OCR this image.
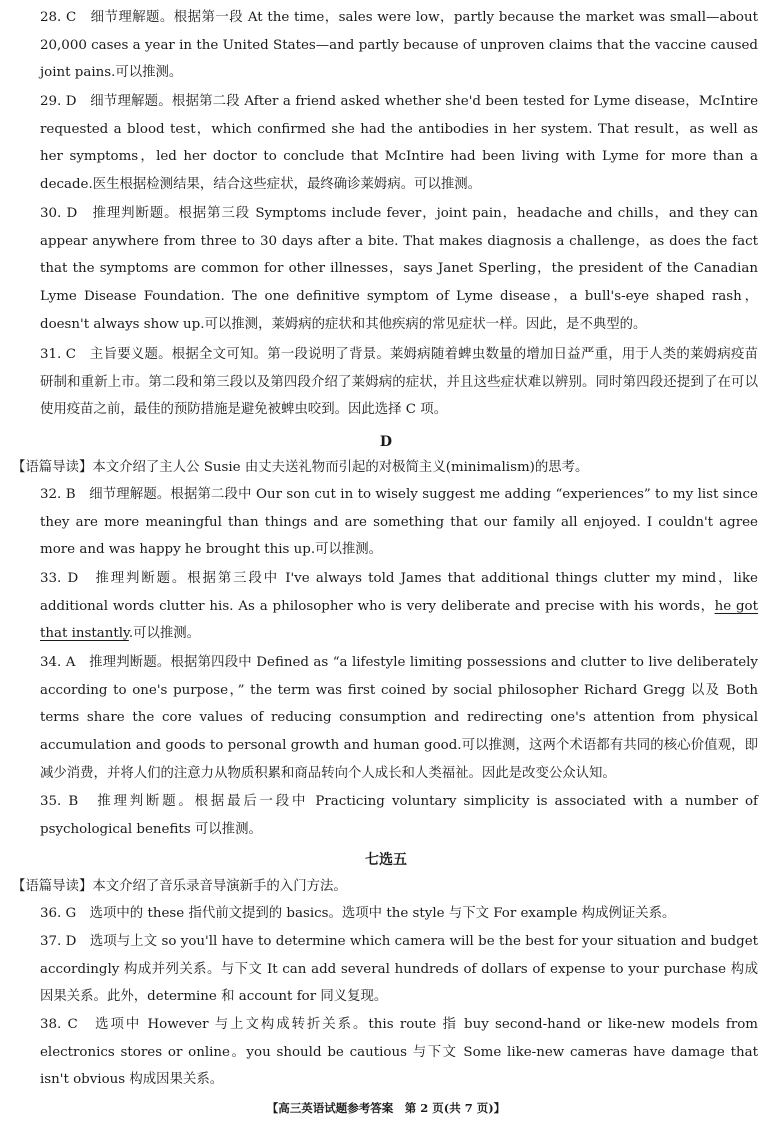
28. C　细节理解题。根据第一段 At the time，sales were low，partly because the market was small—about 20,000 cases a year in the United States—and partly because of unproven claims that the vaccine caused joint pains.可以推测。

29. D　细节理解题。根据第二段 After a friend asked whether she'd been tested for Lyme disease，McIntire requested a blood test，which confirmed she had the antibodies in her system. That result，as well as her symptoms，led her doctor to conclude that McIntire had been living with Lyme for more than a decade.医生根据检测结果，结合这些症状，最终确诊莱姆病。可以推测。

30. D　推理判断题。根据第三段 Symptoms include fever，joint pain，headache and chills，and they can appear anywhere from three to 30 days after a bite. That makes diagnosis a challenge，as does the fact that the symptoms are common for other illnesses，says Janet Sperling，the president of the Canadian Lyme Disease Foundation. The one definitive symptom of Lyme disease，a bull's-eye shaped rash，doesn't always show up.可以推测，莱姆病的症状和其他疾病的常见症状一样。因此，是不典型的。

31. C　主旨要义题。根据全文可知。第一段说明了背景。莱姆病随着蜱虫数量的增加日益严重，用于人类的莱姆病疫苗研制和重新上市。第二段和第三段以及第四段介绍了莱姆病的症状，并且这些症状难以辨别。同时第四段还提到了在可以使用疫苗之前，最佳的预防措施是避免被蜱虫咬到。因此选择 C 项。

D
【语篇导读】本文介绍了主人公 Susie 由丈夫送礼物而引起的对极简主义(minimalism)的思考。

32. B　细节理解题。根据第二段中 Our son cut in to wisely suggest me adding “experiences” to my list since they are more meaningful than things and are something that our family all enjoyed. I couldn't agree more and was happy he brought this up.可以推测。

33. D　推理判断题。根据第三段中 I've always told James that additional things clutter my mind，like additional words clutter his. As a philosopher who is very deliberate and precise with his words，he got that instantly.可以推测。

34. A　推理判断题。根据第四段中 Defined as “a lifestyle limiting possessions and clutter to live deliberately according to one's purpose，” the term was first coined by social philosopher Richard Gregg 以及 Both terms share the core values of reducing consumption and redirecting one's attention from physical accumulation and goods to personal growth and human good.可以推测，这两个术语都有共同的核心价值观，即减少消费，并将人们的注意力从物质积累和商品转向个人成长和人类福祉。因此是改变公众认知。

35. B　推理判断题。根据最后一段中 Practicing voluntary simplicity is associated with a number of psychological benefits 可以推测。

七选五
【语篇导读】本文介绍了音乐录音导演新手的入门方法。

36. G　选项中的 these 指代前文提到的 basics。选项中 the style 与下文 For example 构成例证关系。

37. D　选项与上文 so you'll have to determine which camera will be the best for your situation and budget accordingly 构成并列关系。与下文 It can add several hundreds of dollars of expense to your purchase 构成因果关系。此外，determine 和 account for 同义复现。

38. C　选项中 However 与上文构成转折关系。this route 指 buy second-hand or like-new models from electronics stores or online。you should be cautious 与下文 Some like-new cameras have damage that isn't obvious 构成因果关系。

【高三英语试题参考答案　第 2 页(共 7 页)】
